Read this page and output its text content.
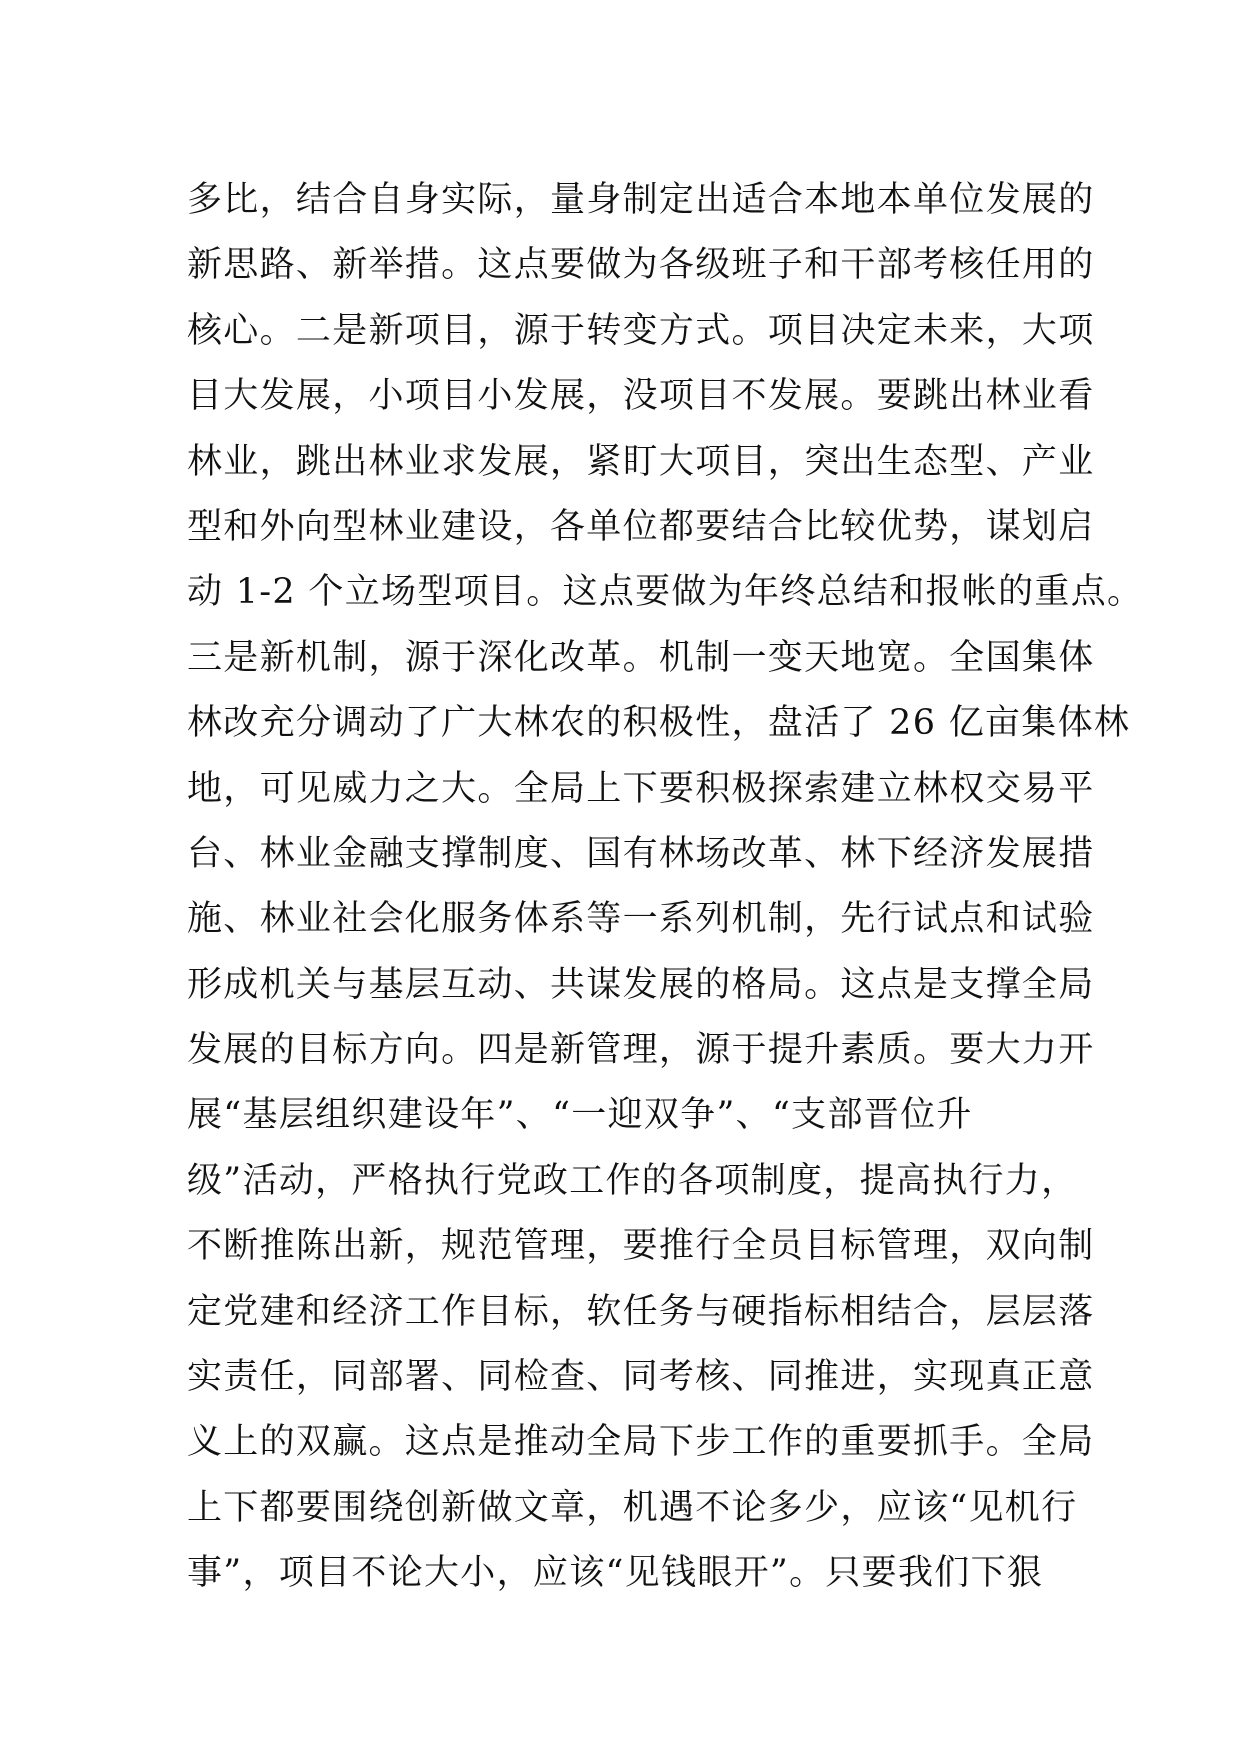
多比，结合自身实际，量身制定出适合本地本单位发展的
新思路、新举措。这点要做为各级班子和干部考核任用的
核心。二是新项目，源于转变方式。项目决定未来，大项
目大发展，小项目小发展，没项目不发展。要跳出林业看
林业，跳出林业求发展，紧盯大项目，突出生态型、产业
型和外向型林业建设，各单位都要结合比较优势，谋划启
动 1-2 个立场型项目。这点要做为年终总结和报帐的重点。
三是新机制，源于深化改革。机制一变天地宽。全国集体
林改充分调动了广大林农的积极性，盘活了 26 亿亩集体林
地，可见威力之大。全局上下要积极探索建立林权交易平
台、林业金融支撑制度、国有林场改革、林下经济发展措
施、林业社会化服务体系等一系列机制，先行试点和试验
形成机关与基层互动、共谋发展的格局。这点是支撑全局
发展的目标方向。四是新管理，源于提升素质。要大力开
展“基层组织建设年”、“一迎双争”、“支部晋位升
级”活动，严格执行党政工作的各项制度，提高执行力，
不断推陈出新，规范管理，要推行全员目标管理，双向制
定党建和经济工作目标，软任务与硬指标相结合，层层落
实责任，同部署、同检查、同考核、同推进，实现真正意
义上的双赢。这点是推动全局下步工作的重要抓手。全局
上下都要围绕创新做文章，机遇不论多少，应该“见机行
事”，项目不论大小，应该“见钱眼开”。只要我们下狠
